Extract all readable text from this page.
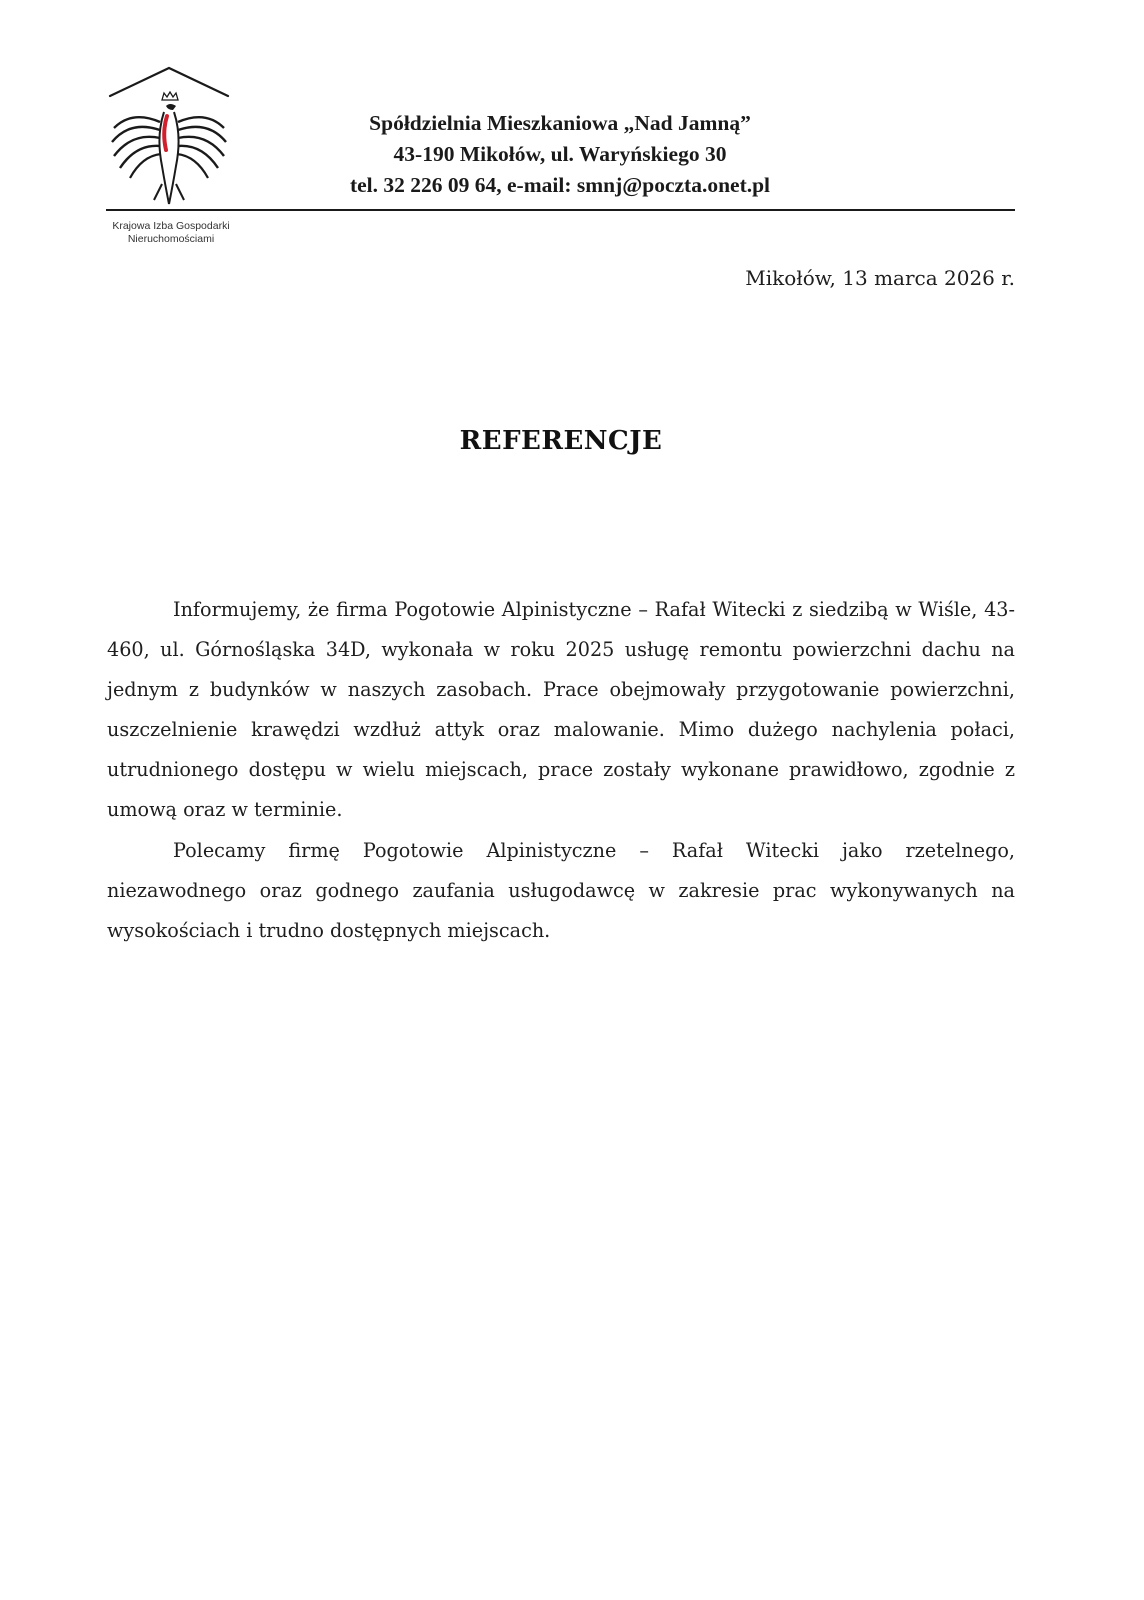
Krajowa Izba Gospodarki
Nieruchomościami
Spółdzielnia Mieszkaniowa „Nad Jamną”
43-190 Mikołów, ul. Waryńskiego 30
tel. 32 226 09 64, e-mail: smnj@poczta.onet.pl
Mikołów, 13 marca 2026 r.
REFERENCJE

Informujemy, że firma Pogotowie Alpinistyczne – Rafał Witecki z siedzibą w Wiśle, 43-460, ul. Górnośląska 34D, wykonała w roku 2025 usługę remontu powierzchni dachu na jednym z budynków w naszych zasobach. Prace obejmowały przygotowanie powierzchni, uszczelnienie krawędzi wzdłuż attyk oraz malowanie. Mimo dużego nachylenia połaci, utrudnionego dostępu w wielu miejscach, prace zostały wykonane prawidłowo, zgodnie z umową oraz w terminie.

Polecamy firmę Pogotowie Alpinistyczne – Rafał Witecki jako rzetelnego, niezawodnego oraz godnego zaufania usługodawcę w zakresie prac wykonywanych na wysokościach i trudno dostępnych miejscach.
